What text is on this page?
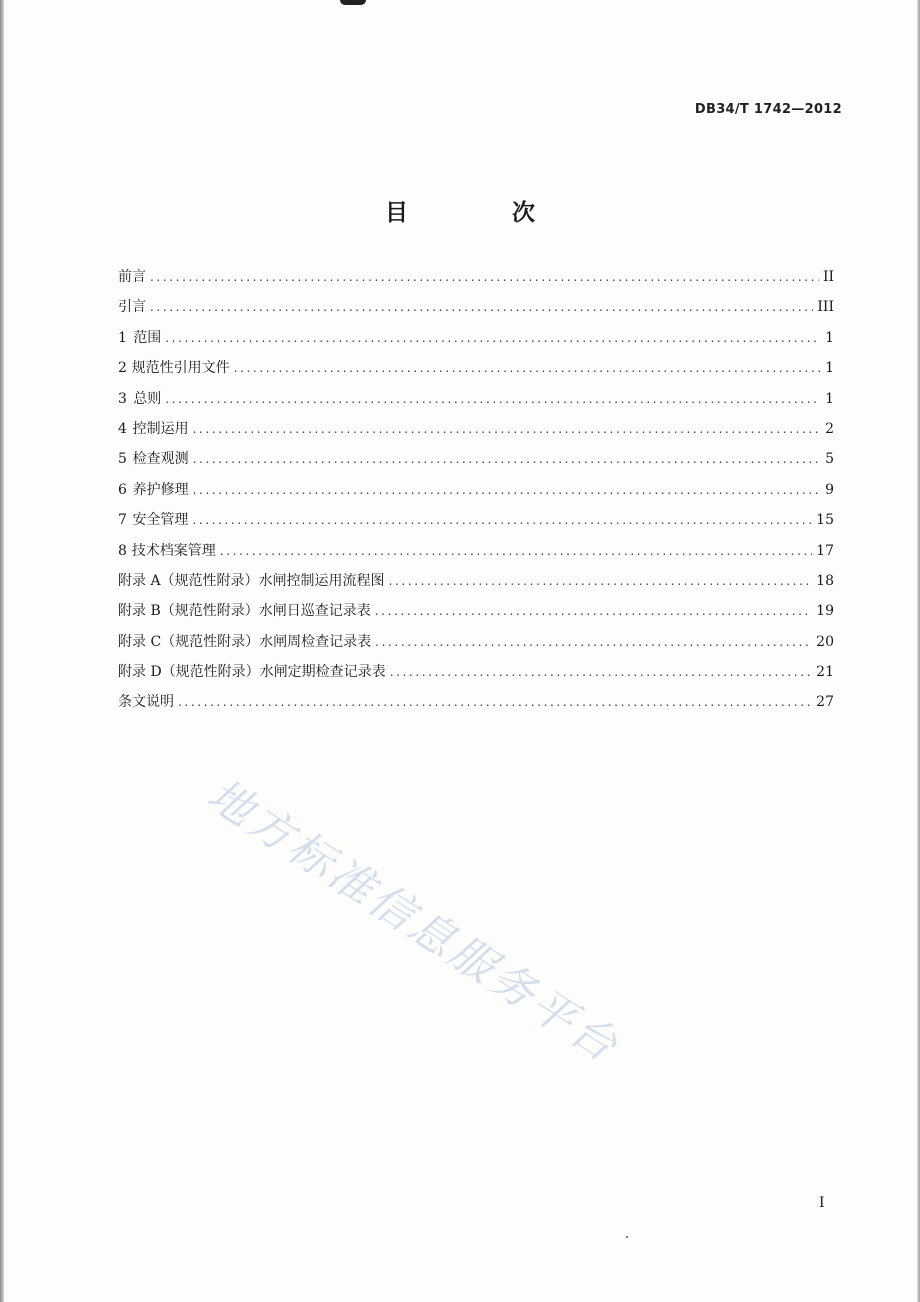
DB34/T 1742—2012
目 次
前言 .....	II
引言 .....	III
1 范围 .....	1
2 规范性引用文件 .....	1
3 总则 .....	1
4 控制运用 .....	2
5 检查观测 .....	5
6 养护修理 .....	9
7 安全管理 .....	15
8 技术档案管理 .....	17
附录 A（规范性附录） 水闸控制运用流程图 .....	18
附录 B（规范性附录） 水闸日巡查记录表 .....	19
附录 C（规范性附录） 水闸周检查记录表 .....	20
附录 D（规范性附录） 水闸定期检查记录表 .....	21
条文说明 .....	27
地方标准信息服务平台
I
